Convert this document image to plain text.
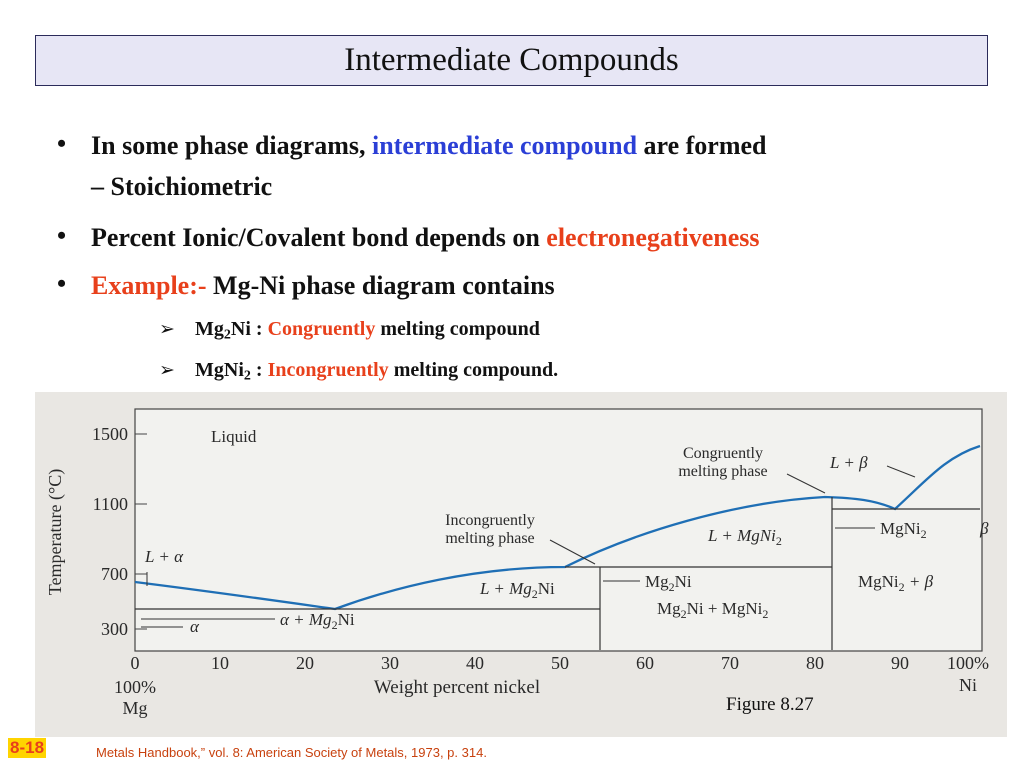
Intermediate Compounds
• In some phase diagrams, intermediate compound are formed
– Stoichiometric
• Percent Ionic/Covalent bond depends on electronegativeness
• Example:- Mg-Ni phase diagram contains
➢ $Mg_2Ni$ : Congruently melting compound
➢ MgNi$_2$ : Incongruently melting compound.
1500
1100
700
300
Temperature (°C)
0	10	20	30	40	50	60	70	80	90 100%
Weight percent nickel
100%
Mg
Ni
Liquid
L + α
α	$\alpha + Mg_2Ni$
$L + Mg_2Ni$	$Mg_2Ni$
$Mg_2Ni$ + MgNi$_2$
L + MgNi$_2$
MgNi$_2$
MgNi$_2$ + β
L + β
β
Congruently
melting phase
Incongruently
melting phase
Figure 8.27
8-18	Metals Handbook,” vol. 8: American Society of Metals, 1973, p. 314.
